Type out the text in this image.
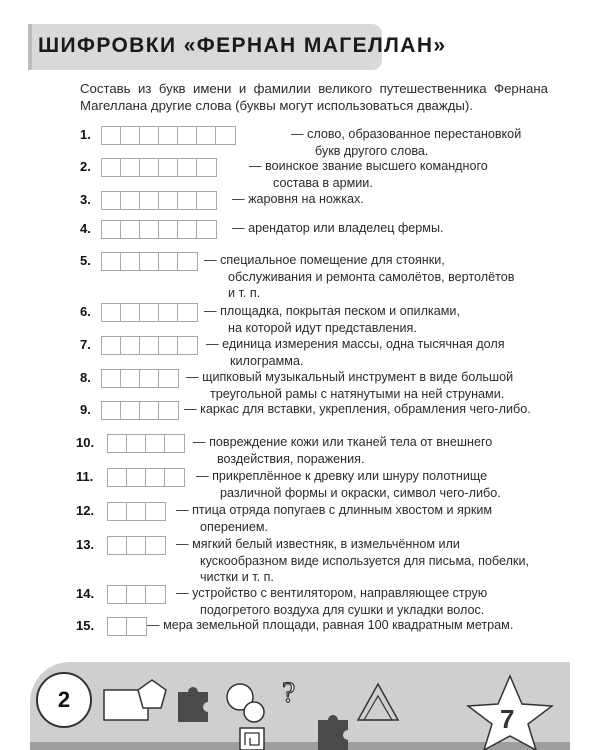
ШИФРОВКИ «ФЕРНАН МАГЕЛЛАН»
Составь из букв имени и фамилии великого путешественника Фернана Магеллана другие слова (буквы могут использоваться дважды).
1.	— слово, образованное перестановкой
букв другого слова.
2.	— воинское звание высшего командного
состава в армии.
3.	— жаровня на ножках.
4.	— арендатор или владелец фермы.
5.	— специальное помещение для стоянки,
обслуживания и ремонта самолётов, вертолётов
и т. п.
6.	— площадка, покрытая песком и опилками,
на которой идут представления.
7.	— единица измерения массы, одна тысячная доля
килограмма.
8.	— щипковый музыкальный инструмент в виде большой
треугольной рамы с натянутыми на ней струнами.
9.	— каркас для вставки, укрепления, обрамления чего-либо.
10.	— повреждение кожи или тканей тела от внешнего
воздействия, поражения.
11.	— прикреплённое к древку или шнуру полотнище
различной формы и окраски, символ чего-либо.
12.	— птица отряда попугаев с длинным хвостом и ярким
оперением.
13.	— мягкий белый известняк, в измельчённом или
кускообразном виде используется для письма, побелки,
чистки и т. п.
14.	— устройство с вентилятором, направляющее струю
подогретого воздуха для сушки и укладки волос.
15.	— мера земельной площади, равная 100 квадратным метрам.
?
7
2
